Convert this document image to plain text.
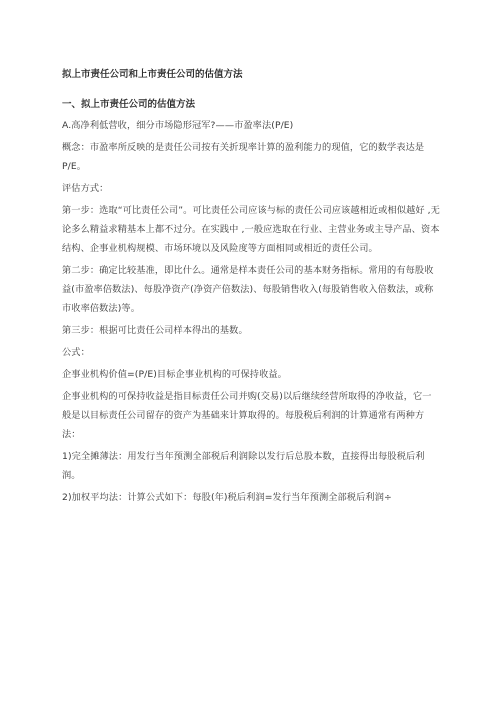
拟上市责任公司和上市责任公司的估值方法
一、拟上市责任公司的估值方法

A.高净利低营收，细分市场隐形冠军?——市盈率法(P/E)

概念：市盈率所反映的是责任公司按有关折现率计算的盈利能力的现值，它的数学表达是 P/E。

评估方式：

第一步：选取“可比责任公司”。可比责任公司应该与标的责任公司应该越相近或相似越好 ,无论多么精益求精基本上都不过分。在实践中 ,一般应选取在行业、主营业务或主导产品、资本结构、企事业机构规模、市场环境以及风险度等方面相同或相近的责任公司。

第二步：确定比较基准，即比什么。通常是样本责任公司的基本财务指标。常用的有每股收益(市盈率倍数法)、每股净资产(净资产倍数法)、每股销售收入(每股销售收入倍数法，或称市收率倍数法)等。

第三步：根据可比责任公司样本得出的基数。

公式：

企事业机构价值=(P/E)目标企事业机构的可保持收益。

企事业机构的可保持收益是指目标责任公司并购(交易)以后继续经营所取得的净收益，它一般是以目标责任公司留存的资产为基础来计算取得的。每股税后利润的计算通常有两种方法：

1)完全摊薄法：用发行当年预测全部税后利润除以发行后总股本数，直接得出每股税后利润。

2)加权平均法：计算公式如下：每股(年)税后利润=发行当年预测全部税后利润÷
